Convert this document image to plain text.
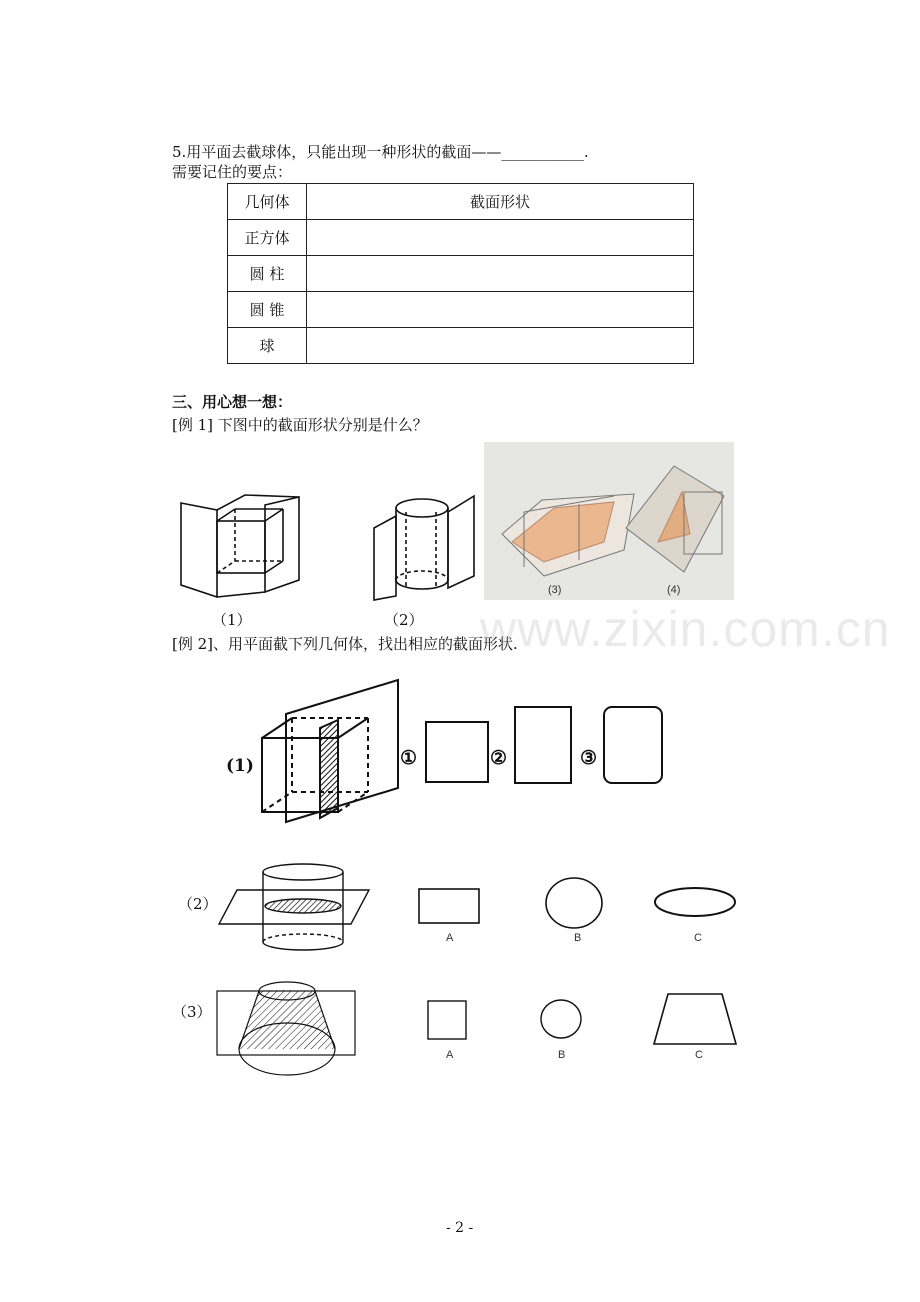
5.用平面去截球体，只能出现一种形状的截面——___________.
需要记住的要点：
几何体	截面形状
正方体	
圆 柱	
圆 锥	
球	
三、用心想一想：
[例 1] 下图中的截面形状分别是什么？
（1）	（2）
(3)	(4)
[例 2]、用平面截下列几何体，找出相应的截面形状.
(1)	①	②	③
（2）
A	B	C
（3）
A	B	C
www.zixin.com.cn
- 2 -
